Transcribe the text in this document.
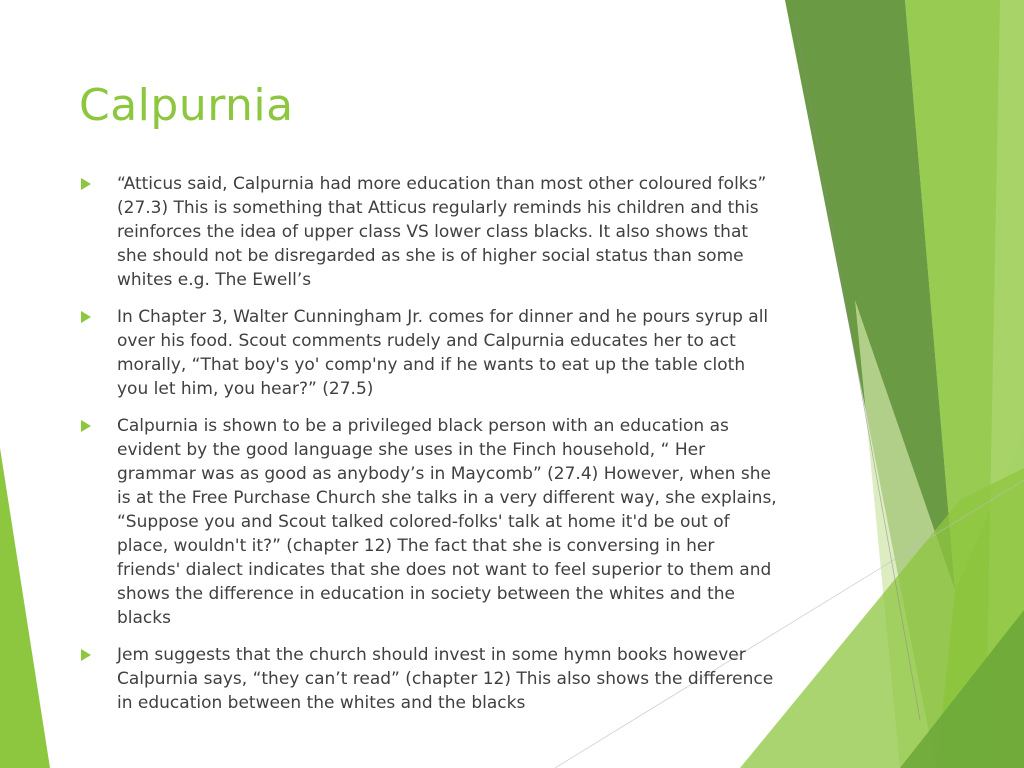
Calpurnia
“Atticus said, Calpurnia had more education than most other coloured folks” (27.3) This is something that Atticus regularly reminds his children and this reinforces the idea of upper class VS lower class blacks. It also shows that she should not be disregarded as she is of higher social status than some whites e.g. The Ewell’s
In Chapter 3, Walter Cunningham Jr. comes for dinner and he pours syrup all over his food. Scout comments rudely and Calpurnia educates her to act morally, “That boy's yo' comp'ny and if he wants to eat up the table cloth you let him, you hear?” (27.5)
Calpurnia is shown to be a privileged black person with an education as evident by the good language she uses in the Finch household, “ Her grammar was as good as anybody’s in Maycomb” (27.4) However, when she is at the Free Purchase Church she talks in a very different way, she explains, “Suppose you and Scout talked colored-folks' talk at home it'd be out of place, wouldn't it?” (chapter 12) The fact that she is conversing in her friends' dialect indicates that she does not want to feel superior to them and shows the difference in education in society between the whites and the blacks
Jem suggests that the church should invest in some hymn books however Calpurnia says, “they can’t read” (chapter 12) This also shows the difference in education between the whites and the blacks
